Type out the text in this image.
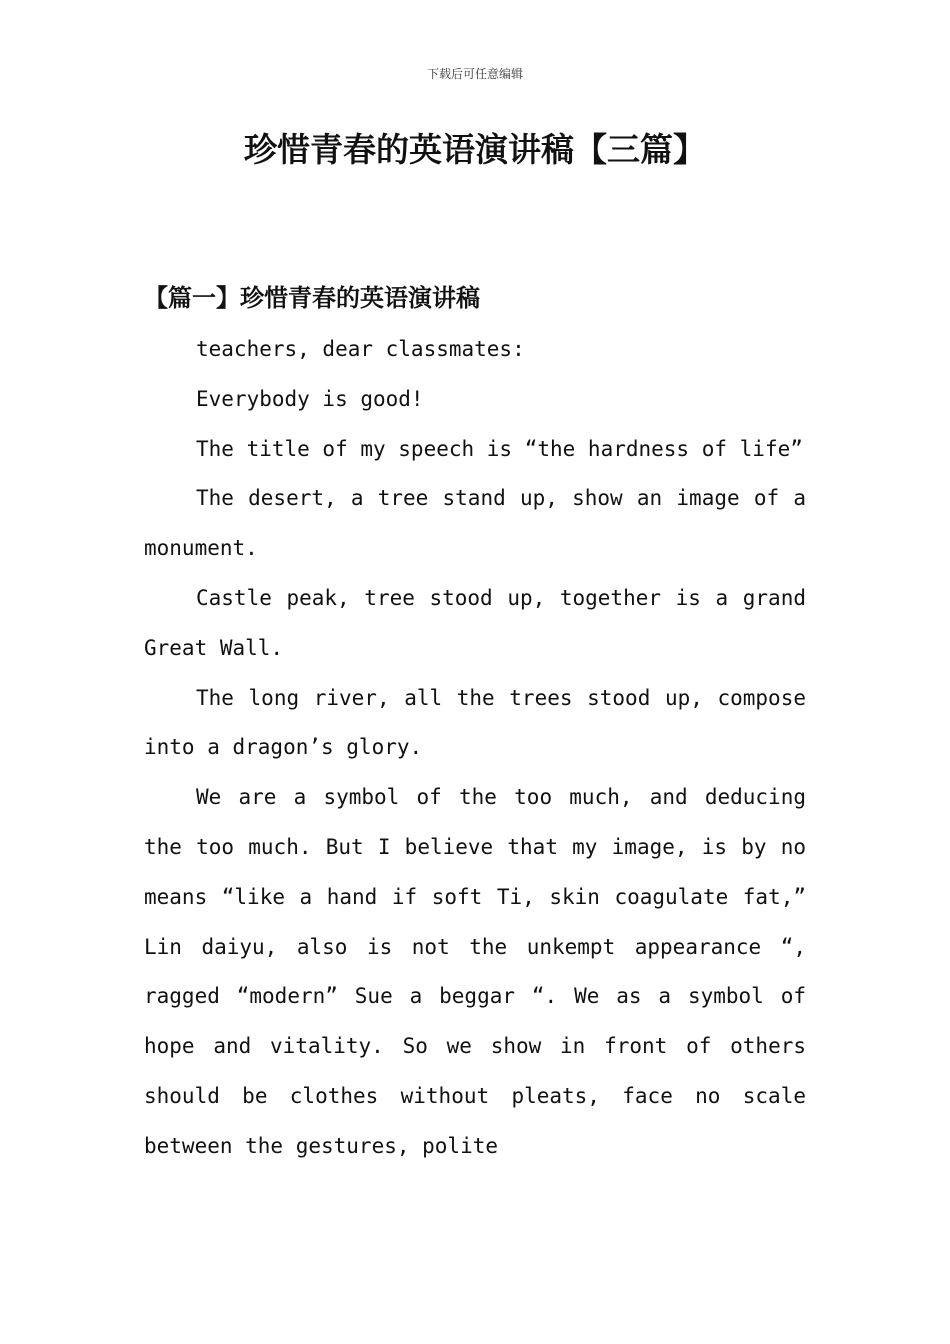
下载后可任意编辑
珍惜青春的英语演讲稿【三篇】
【篇一】珍惜青春的英语演讲稿

teachers, dear classmates:

Everybody is good!

The title of my speech is “the hardness of life”

The desert, a tree stand up, show an image of a monument.

Castle peak, tree stood up, together is a grand Great Wall.

The long river, all the trees stood up, compose into a dragon’s glory.

We are a symbol of the too much, and deducing the too much. But I believe that my image, is by no means “like a hand if soft Ti, skin coagulate fat,” Lin daiyu, also is not the unkempt appearance “, ragged “modern” Sue a beggar “. We as a symbol of hope and vitality. So we show in front of others should be clothes without pleats, face no scale between the gestures, polite
